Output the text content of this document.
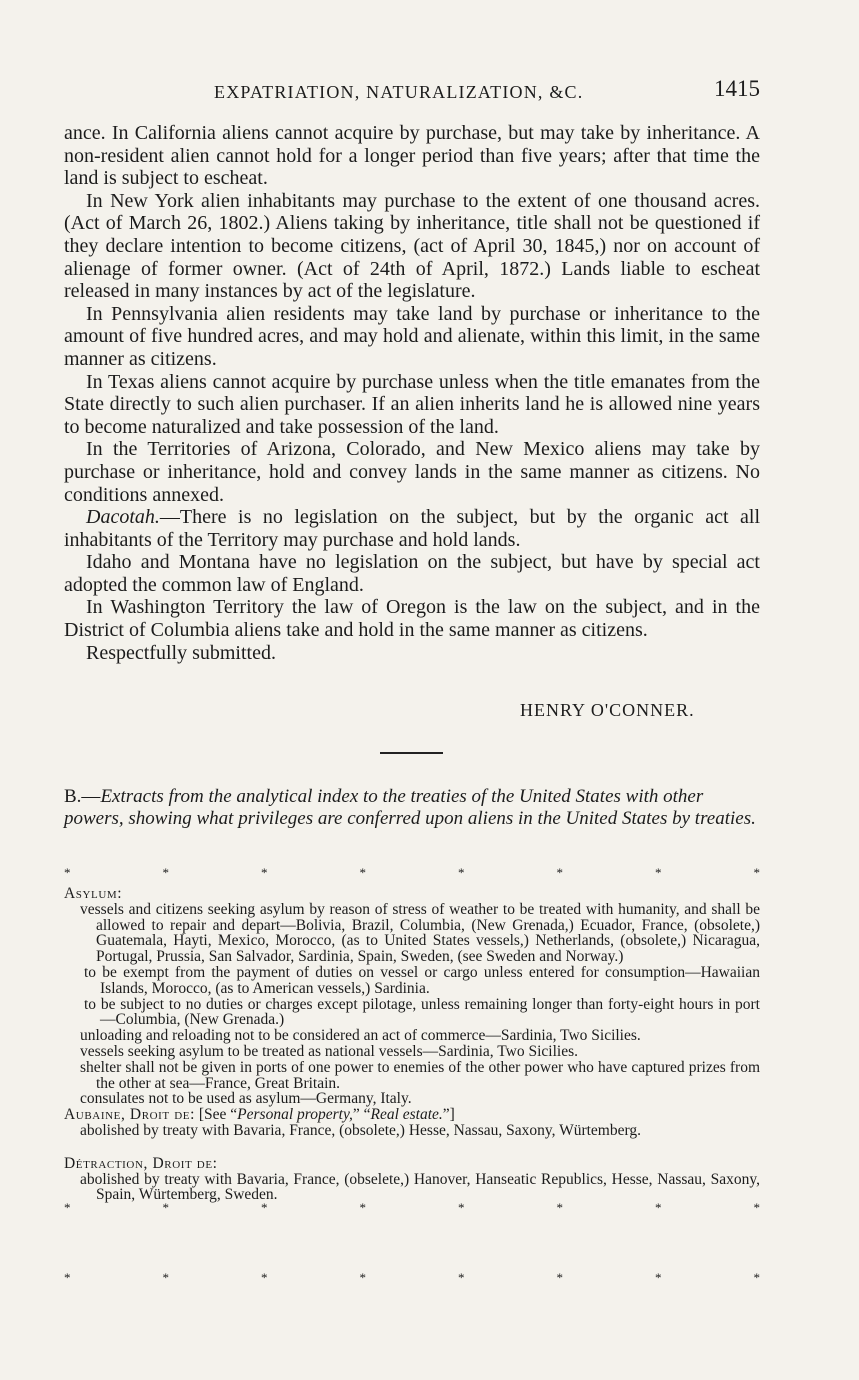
EXPATRIATION, NATURALIZATION, &C.	1415

ance. In California aliens cannot acquire by purchase, but may take by inheritance. A non-resident alien cannot hold for a longer period than five years; after that time the land is subject to escheat.

In New York alien inhabitants may purchase to the extent of one thousand acres. (Act of March 26, 1802.) Aliens taking by inheritance, title shall not be questioned if they declare intention to become citizens, (act of April 30, 1845,) nor on account of alienage of former owner. (Act of 24th of April, 1872.) Lands liable to escheat released in many instances by act of the legislature.

In Pennsylvania alien residents may take land by purchase or inheritance to the amount of five hundred acres, and may hold and alienate, within this limit, in the same manner as citizens.

In Texas aliens cannot acquire by purchase unless when the title emanates from the State directly to such alien purchaser. If an alien inherits land he is allowed nine years to become naturalized and take possession of the land.

In the Territories of Arizona, Colorado, and New Mexico aliens may take by purchase or inheritance, hold and convey lands in the same manner as citizens. No conditions annexed.

Dacotah.—There is no legislation on the subject, but by the organic act all inhabitants of the Territory may purchase and hold lands.

Idaho and Montana have no legislation on the subject, but have by special act adopted the common law of England.

In Washington Territory the law of Oregon is the law on the subject, and in the District of Columbia aliens take and hold in the same manner as citizens.

Respectfully submitted.

HENRY O'CONNER.
B.—Extracts from the analytical index to the treaties of the United States with other powers, showing what privileges are conferred upon aliens in the United States by treaties.
*	*	*	*	*	*	*	*
Asylum:
vessels and citizens seeking asylum by reason of stress of weather to be treated with humanity, and shall be allowed to repair and depart—Bolivia, Brazil, Columbia, (New Grenada,) Ecuador, France, (obsolete,) Guatemala, Hayti, Mexico, Morocco, (as to United States vessels,) Netherlands, (obsolete,) Nicaragua, Portugal, Prussia, San Salvador, Sardinia, Spain, Sweden, (see Sweden and Norway.)
to be exempt from the payment of duties on vessel or cargo unless entered for consumption—Hawaiian Islands, Morocco, (as to American vessels,) Sardinia.
to be subject to no duties or charges except pilotage, unless remaining longer than forty-eight hours in port—Columbia, (New Grenada.)
unloading and reloading not to be considered an act of commerce—Sardinia, Two Sicilies.
vessels seeking asylum to be treated as national vessels—Sardinia, Two Sicilies.
shelter shall not be given in ports of one power to enemies of the other power who have captured prizes from the other at sea—France, Great Britain.
consulates not to be used as asylum—Germany, Italy.
Aubaine, Droit de: [See “Personal property,” “Real estate.”]
abolished by treaty with Bavaria, France, (obsolete,) Hesse, Nassau, Saxony, Würtemberg.
Détraction, Droit de:
abolished by treaty with Bavaria, France, (obselete,) Hanover, Hanseatic Republics, Hesse, Nassau, Saxony, Spain, Würtemberg, Sweden.
*	*	*	*	*	*	*	*
*	*	*	*	*	*	*	*
